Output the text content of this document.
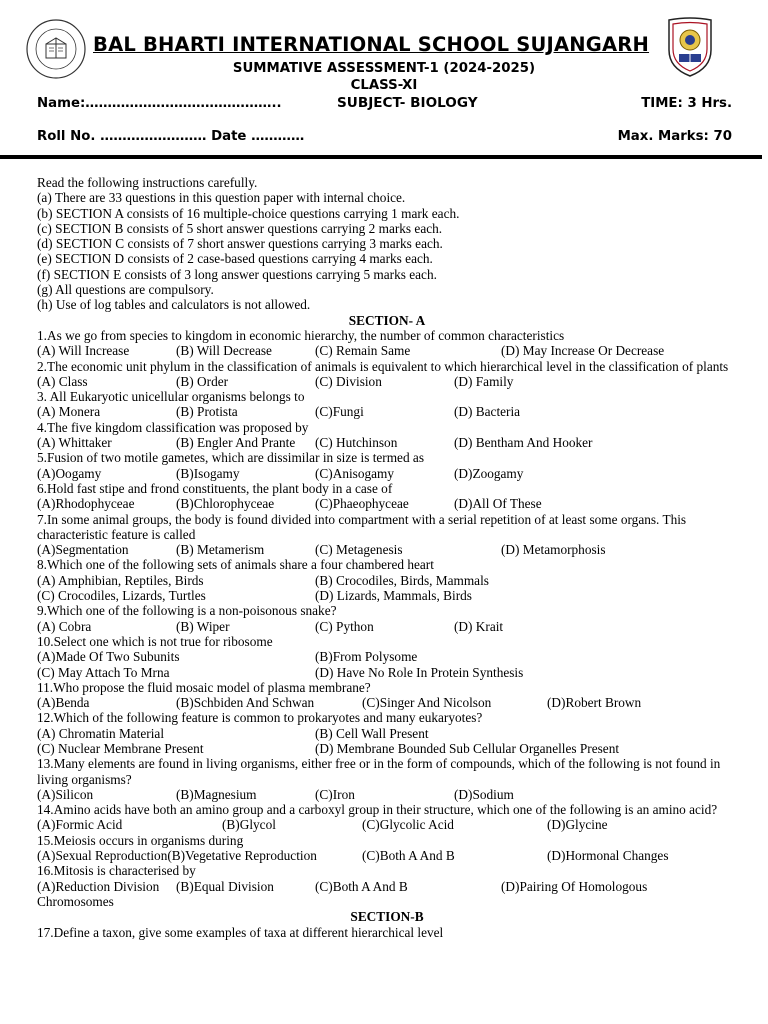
BAL BHARTI INTERNATIONAL SCHOOL SUJANGARH
SUMMATIVE ASSESSMENT-1 (2024-2025)
CLASS-XI
Name:……………………………………..	SUBJECT- BIOLOGY	TIME: 3 Hrs.
Roll No. …………………… Date …………	Max. Marks: 70
Read the following instructions carefully.
(a) There are 33 questions in this question paper with internal choice.
(b) SECTION A consists of 16 multiple-choice questions carrying 1 mark each.
(c) SECTION B consists of 5 short answer questions carrying 2 marks each.
(d) SECTION C consists of 7 short answer questions carrying 3 marks each.
(e) SECTION D consists of 2 case-based questions carrying 4 marks each.
(f) SECTION E consists of 3 long answer questions carrying 5 marks each.
(g) All questions are compulsory.
(h) Use of log tables and calculators is not allowed.
SECTION- A
1.As we go from species to kingdom in economic hierarchy, the number of common characteristics
(A) Will Increase	(B) Will Decrease	(C) Remain Same	(D) May Increase Or Decrease
2.The economic unit phylum in the classification of animals is equivalent to which hierarchical level in the classification of plants
(A) Class	(B) Order	(C) Division	(D) Family
3. All Eukaryotic unicellular organisms belongs to
(A) Monera	(B) Protista	(C)Fungi	(D) Bacteria
4.The five kingdom classification was proposed by
(A) Whittaker	(B) Engler And Prante (C) Hutchinson	(D) Bentham And Hooker
5.Fusion of two motile gametes, which are dissimilar in size is termed as
(A)Oogamy	(B)Isogamy	(C)Anisogamy	(D)Zoogamy
6.Hold fast stipe and frond constituents, the plant body in a case of
(A)Rhodophyceae	(B)Chlorophyceae	(C)Phaeophyceae	(D)All Of These
7.In some animal groups, the body is found divided into compartment with a serial repetition of at least some organs. This characteristic feature is called
(A)Segmentation	(B) Metamerism	(C) Metagenesis	(D) Metamorphosis
8.Which one of the following sets of animals share a four chambered heart
(A) Amphibian, Reptiles, Birds	(B) Crocodiles, Birds, Mammals
(C) Crocodiles, Lizards, Turtles	(D) Lizards, Mammals, Birds
9.Which one of the following is a non-poisonous snake?
(A) Cobra	(B) Wiper	(C) Python	(D) Krait
10.Select one which is not true for ribosome
(A)Made Of Two Subunits	(B)From Polysome
(C) May Attach To Mrna	(D) Have No Role In Protein Synthesis
11.Who propose the fluid mosaic model of plasma membrane?
(A)Benda	(B)Schbiden And Schwan	(C)Singer And Nicolson	(D)Robert Brown
12.Which of the following feature is common to prokaryotes and many eukaryotes?
(A) Chromatin Material	(B) Cell Wall Present
(C) Nuclear Membrane Present	(D) Membrane Bounded Sub Cellular Organelles Present
13.Many elements are found in living organisms, either free or in the form of compounds, which of the following is not found in living organisms?
(A)Silicon	(B)Magnesium	(C)Iron	(D)Sodium
14.Amino acids have both an amino group and a carboxyl group in their structure, which one of the following is an amino acid?
(A)Formic Acid	(B)Glycol	(C)Glycolic Acid	(D)Glycine
15.Meiosis occurs in organisms during
(A)Sexual Reproduction(B)Vegetative Reproduction	(C)Both A And B	(D)Hormonal Changes
16.Mitosis is characterised by
(A)Reduction Division (B)Equal Division	(C)Both A And B	(D)Pairing Of Homologous
Chromosomes
SECTION-B
17.Define a taxon, give some examples of taxa at different hierarchical level
